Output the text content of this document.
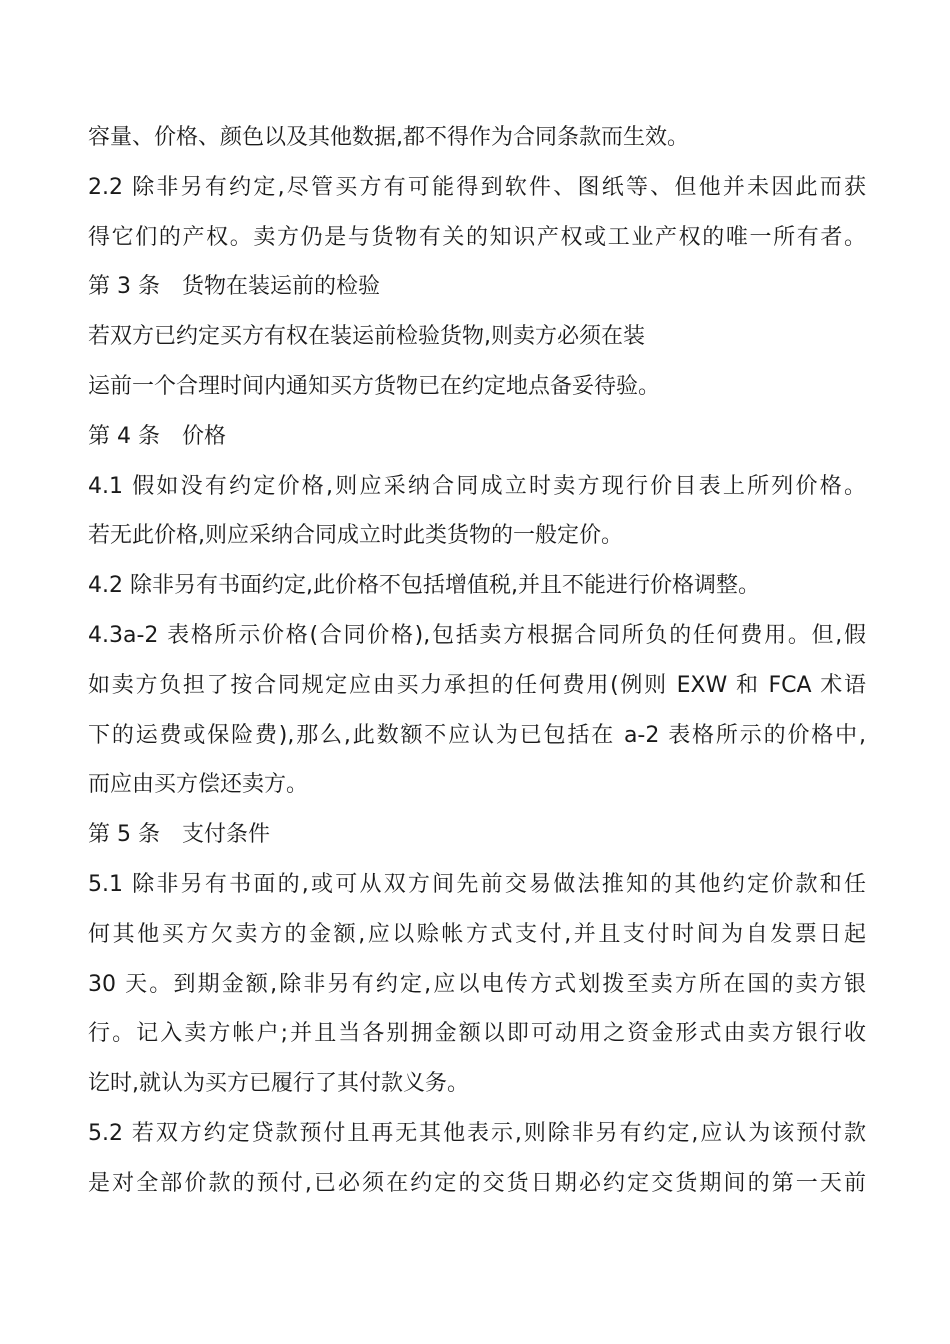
容量、价格、颜色以及其他数据,都不得作为合同条款而生效。
2.2 除非另有约定,尽管买方有可能得到软件、图纸等、但他并未因此而获
得它们的产权。卖方仍是与货物有关的知识产权或工业产权的唯一所有者。
第 3 条　货物在装运前的检验
若双方已约定买方有权在装运前检验货物,则卖方必须在装
运前一个合理时间内通知买方货物已在约定地点备妥待验。
第 4 条　价格
4.1 假如没有约定价格,则应采纳合同成立时卖方现行价目表上所列价格。
若无此价格,则应采纳合同成立时此类货物的一般定价。
4.2 除非另有书面约定,此价格不包括增值税,并且不能进行价格调整。
4.3a-2 表格所示价格(合同价格),包括卖方根据合同所负的任何费用。但,假
如卖方负担了按合同规定应由买力承担的任何费用(例则 EXW 和 FCA 术语
下的运费或保险费),那么,此数额不应认为已包括在 a-2 表格所示的价格中,
而应由买方偿还卖方。
第 5 条　支付条件
5.1 除非另有书面的,或可从双方间先前交易做法推知的其他约定价款和任
何其他买方欠卖方的金额,应以赊帐方式支付,并且支付时间为自发票日起
30 天。到期金额,除非另有约定,应以电传方式划拨至卖方所在国的卖方银
行。记入卖方帐户;并且当各别拥金额以即可动用之资金形式由卖方银行收
讫时,就认为买方已履行了其付款义务。
5.2 若双方约定贷款预付且再无其他表示,则除非另有约定,应认为该预付款
是对全部价款的预付,已必须在约定的交货日期必约定交货期间的第一天前
